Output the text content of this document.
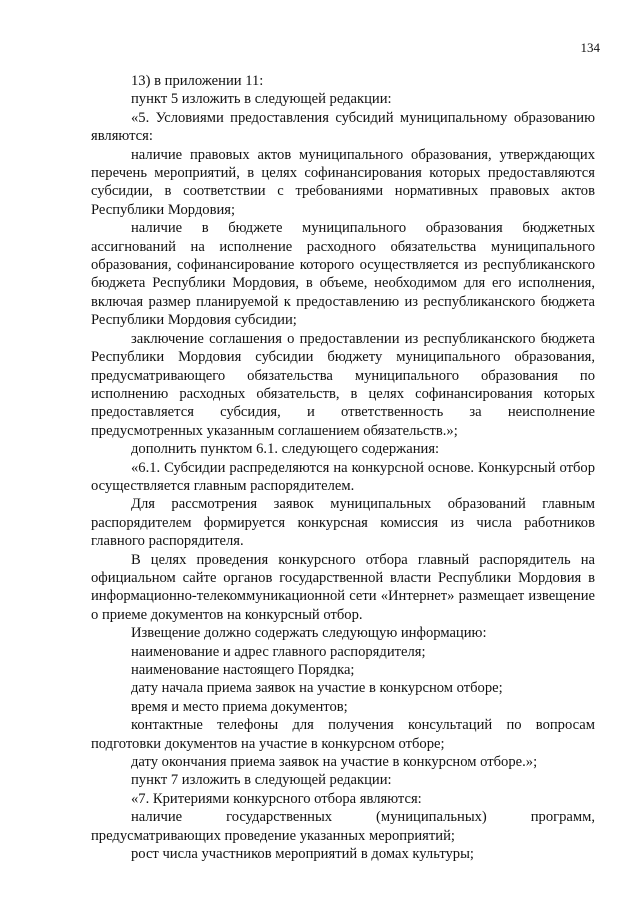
134

13) в приложении 11:

пункт 5 изложить в следующей редакции:

«5. Условиями предоставления субсидий муниципальному образованию являются:

наличие правовых актов муниципального образования, утверждающих перечень мероприятий, в целях софинансирования которых предоставляются субсидии, в соответствии с требованиями нормативных правовых актов Республики Мордовия;

наличие в бюджете муниципального образования бюджетных ассигнований на исполнение расходного обязательства муниципального образования, софинансирование которого осуществляется из республиканского бюджета Республики Мордовия, в объеме, необходимом для его исполнения, включая размер планируемой к предоставлению из республиканского бюджета Республики Мордовия субсидии;

заключение соглашения о предоставлении из республиканского бюджета Республики Мордовия субсидии бюджету муниципального образования, предусматривающего обязательства муниципального образования по исполнению расходных обязательств, в целях софинансирования которых предоставляется субсидия, и ответственность за неисполнение предусмотренных указанным соглашением обязательств.»;

дополнить пунктом 6.1. следующего содержания:

«6.1. Субсидии распределяются на конкурсной основе. Конкурсный отбор осуществляется главным распорядителем.

Для рассмотрения заявок муниципальных образований главным распорядителем формируется конкурсная комиссия из числа работников главного распорядителя.

В целях проведения конкурсного отбора главный распорядитель на официальном сайте органов государственной власти Республики Мордовия в информационно-телекоммуникационной сети «Интернет» размещает извещение о приеме документов на конкурсный отбор.

Извещение должно содержать следующую информацию:

наименование и адрес главного распорядителя;

наименование настоящего Порядка;

дату начала приема заявок на участие в конкурсном отборе;

время и место приема документов;

контактные телефоны для получения консультаций по вопросам подготовки документов на участие в конкурсном отборе;

дату окончания приема заявок на участие в конкурсном отборе.»;

пункт 7 изложить в следующей редакции:

«7. Критериями конкурсного отбора являются:

наличие государственных (муниципальных) программ, предусматривающих проведение указанных мероприятий;

рост числа участников мероприятий в домах культуры;
